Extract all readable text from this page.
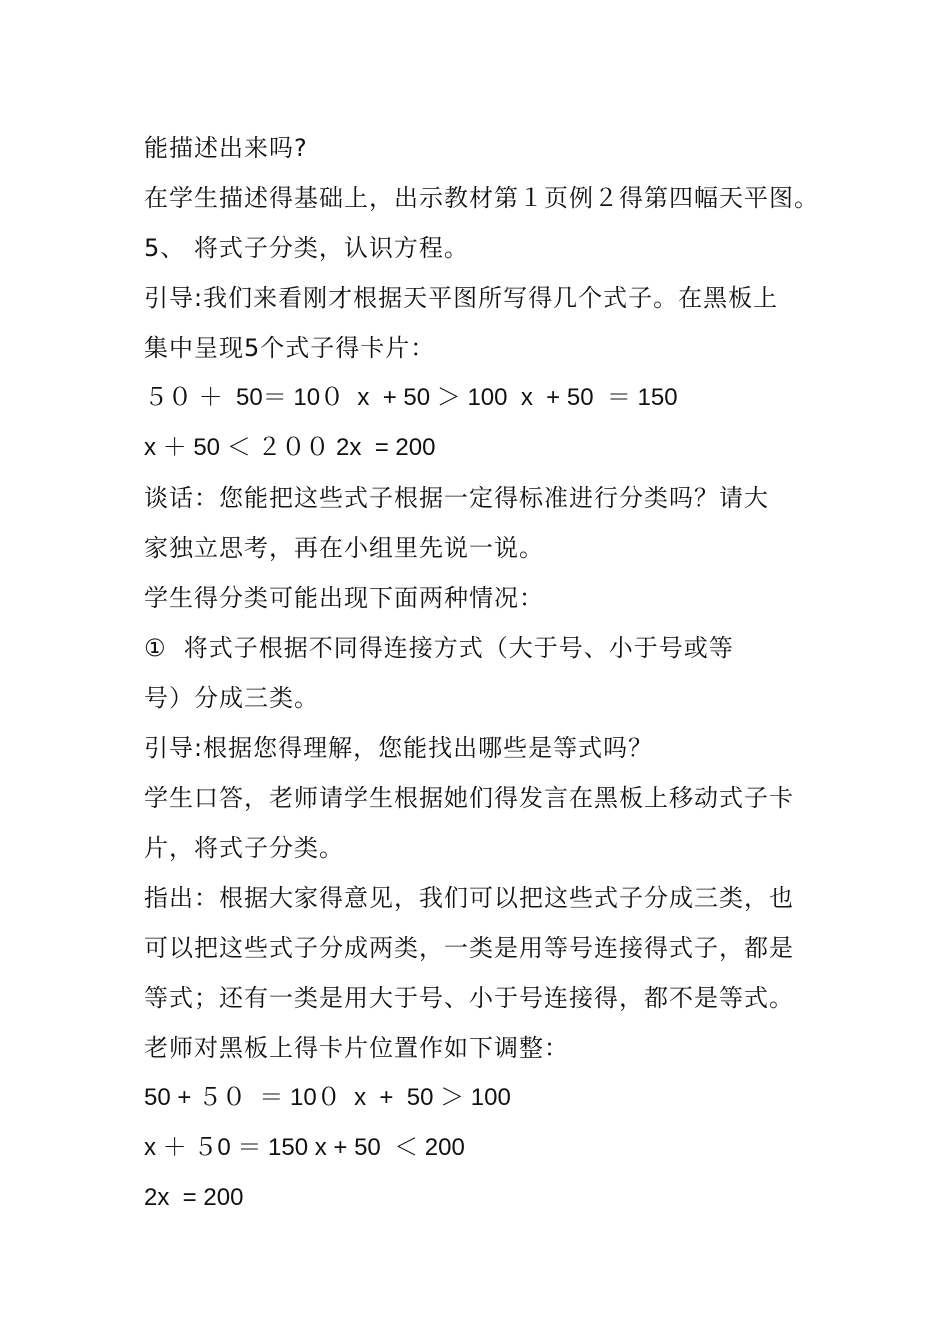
能描述出来吗?
在学生描述得基础上，出示教材第１页例２得第四幅天平图。
5、 将式子分类，认识方程。
引导:我们来看刚才根据天平图所写得几个式子。在黑板上
集中呈现5个式子得卡片：
５０ ＋  50＝ 10０  x  + 50 ＞ 100  x  + 50  ＝ 150
x ＋ 50 ＜ ２００ 2x  = 200
谈话：您能把这些式子根据一定得标准进行分类吗？请大
家独立思考，再在小组里先说一说。
学生得分类可能出现下面两种情况：
①  将式子根据不同得连接方式（大于号、小于号或等
号）分成三类。
引导:根据您得理解，您能找出哪些是等式吗？
学生口答，老师请学生根据她们得发言在黑板上移动式子卡
片，将式子分类。
指出：根据大家得意见，我们可以把这些式子分成三类，也
可以把这些式子分成两类，一类是用等号连接得式子，都是
等式；还有一类是用大于号、小于号连接得，都不是等式。
老师对黑板上得卡片位置作如下调整：
50 + ５０  ＝ 10０  x  +  50 ＞ 100
x ＋ ５0 ＝ 150 x + 50  ＜ 200
2x  = 200
